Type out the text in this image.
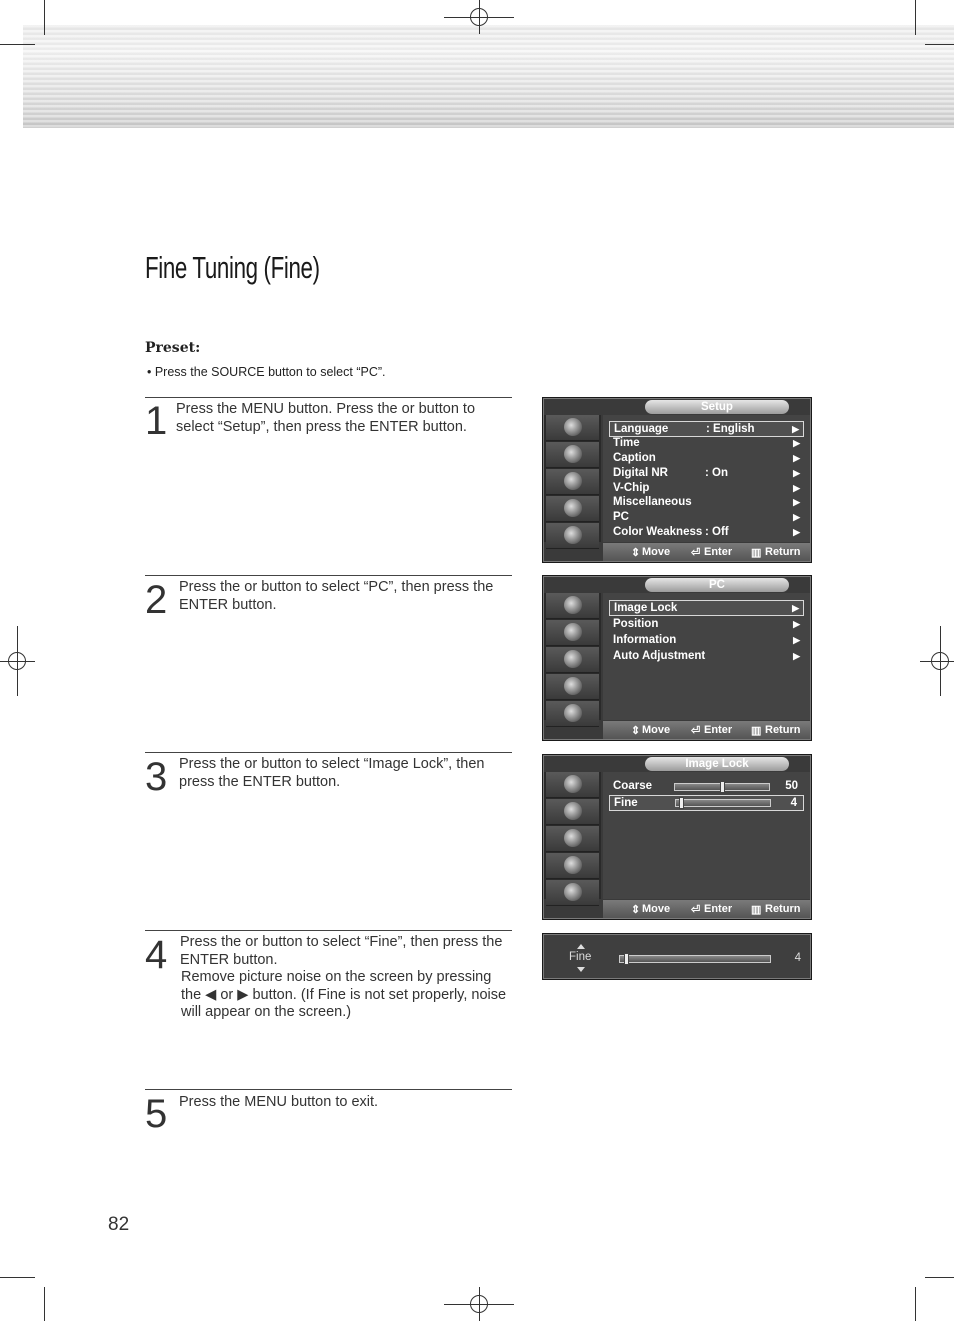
Fine Tuning (Fine)
Preset:
• Press the SOURCE button to select “PC”.
1 Press the MENU button. Press the or button to select “Setup”, then press the ENTER button.
2 Press the or button to select “PC”, then press the ENTER button.
3 Press the or button to select “Image Lock”, then press the ENTER button.
4 Press the or button to select “Fine”, then press the ENTER button.
Remove picture noise on the screen by pressing the ◀ or ▶ button. (If Fine is not set properly, noise will appear on the screen.)
5 Press the MENU button to exit.
Setup
Language	: English	▶
Time	▶
Caption	▶
Digital NR	: On	▶
V-Chip	▶
Miscellaneous	▶
PC	▶
Color Weakness : Off	▶
⇕ Move ⏎ Enter ▥ Return
PC
Image Lock	▶
Position	▶
Information	▶
Auto Adjustment	▶
⇕ Move ⏎ Enter ▥ Return
Image Lock
Coarse	50
Fine	4
⇕ Move ⏎ Enter ▥ Return
Fine	4
82
